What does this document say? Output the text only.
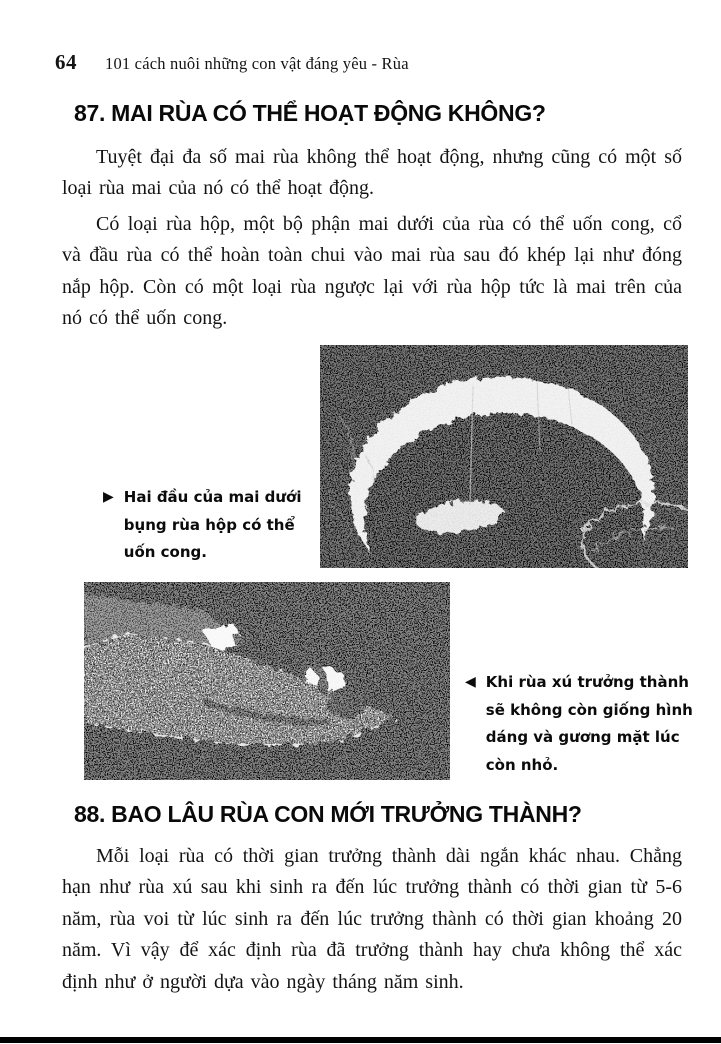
64 101 cách nuôi những con vật đáng yêu - Rùa
87. MAI RÙA CÓ THỂ HOẠT ĐỘNG KHÔNG?
Tuyệt đại đa số mai rùa không thể hoạt động, nhưng cũng có một số loại rùa mai của nó có thể hoạt động.
Có loại rùa hộp, một bộ phận mai dưới của rùa có thể uốn cong, cổ và đầu rùa có thể hoàn toàn chui vào mai rùa sau đó khép lại như đóng nắp hộp. Còn có một loại rùa ngược lại với rùa hộp tức là mai trên của nó có thể uốn cong.
▶ Hai đầu của mai dưới bụng rùa hộp có thể uốn cong.
◀ Khi rùa xú trưởng thành sẽ không còn giống hình dáng và gương mặt lúc còn nhỏ.
88. BAO LÂU RÙA CON MỚI TRƯỞNG THÀNH?
Mỗi loại rùa có thời gian trưởng thành dài ngắn khác nhau. Chẳng hạn như rùa xú sau khi sinh ra đến lúc trưởng thành có thời gian từ 5-6 năm, rùa voi từ lúc sinh ra đến lúc trưởng thành có thời gian khoảng 20 năm. Vì vậy để xác định rùa đã trưởng thành hay chưa không thể xác định như ở người dựa vào ngày tháng năm sinh.
